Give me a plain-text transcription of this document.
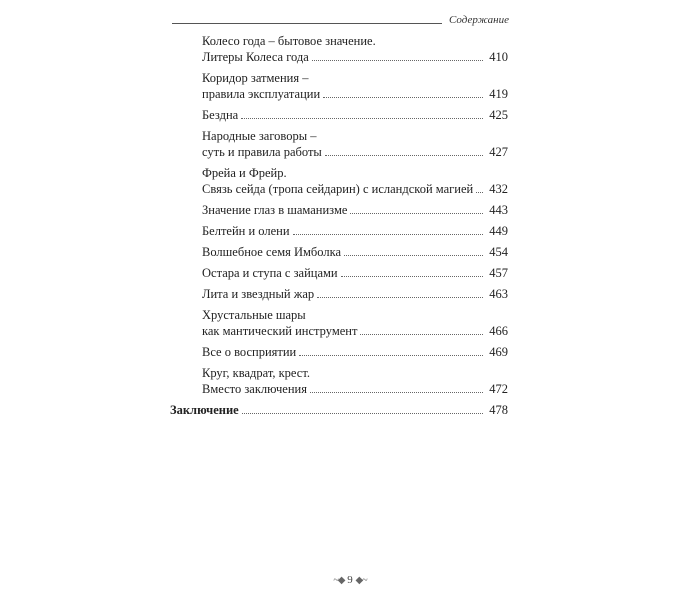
Содержание
Колесо года – бытовое значение.
Литеры Колеса года	410
Коридор затмения –
правила эксплуатации	419
Бездна	425
Народные заговоры –
суть и правила работы	427
Фрейа и Фрейр.
Связь сейда (тропа сейдарин) с исландской магией 432
Значение глаз в шаманизме	443
Белтейн и олени	449
Волшебное семя Имболка	454
Остара и ступа с зайцами	457
Лита и звездный жар	463
Хрустальные шары
как мантический инструмент	466
Все о восприятии	469
Круг, квадрат, крест.
Вместо заключения	472
Заключение	478
~◆ 9 ◆~
